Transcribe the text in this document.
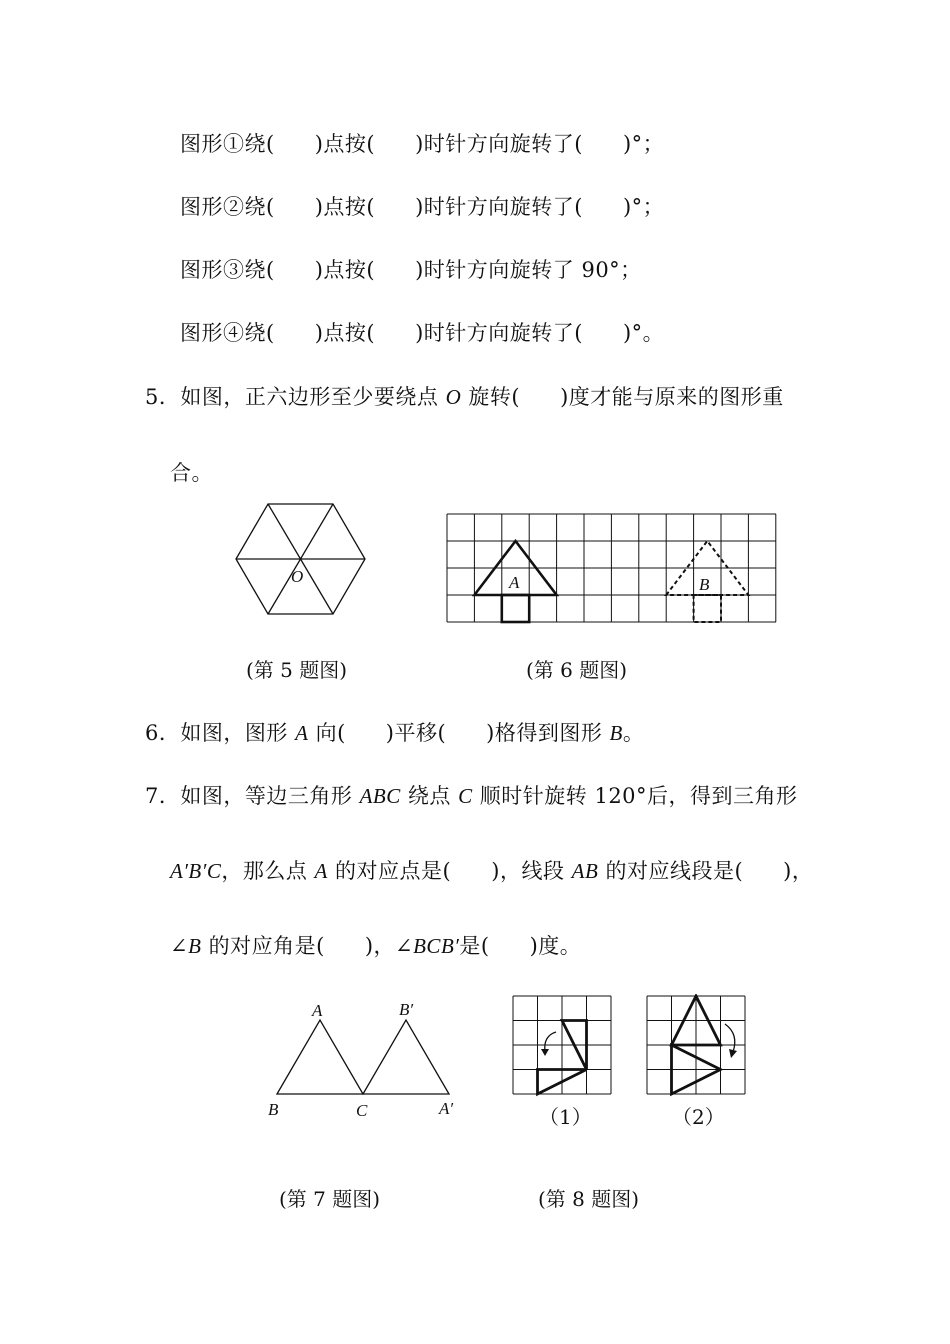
图形①绕( )点按( )时针方向旋转了( )°；
图形②绕( )点按( )时针方向旋转了( )°；
图形③绕( )点按( )时针方向旋转了 90°；
图形④绕( )点按( )时针方向旋转了( )°。
5．如图，正六边形至少要绕点 O 旋转( )度才能与原来的图形重
合。
O
(第 5 题图)
A	B
(第 6 题图)
6．如图，图形 A 向( )平移( )格得到图形 B。
7．如图，等边三角形 ABC 绕点 C 顺时针旋转 120°后，得到三角形
A′B′C，那么点 A 的对应点是( )，线段 AB 的对应线段是( )，
∠B 的对应角是( )，∠BCB′是( )度。
A	B′
B	C	A′
(第 7 题图)
（1）	（2）
(第 8 题图)
